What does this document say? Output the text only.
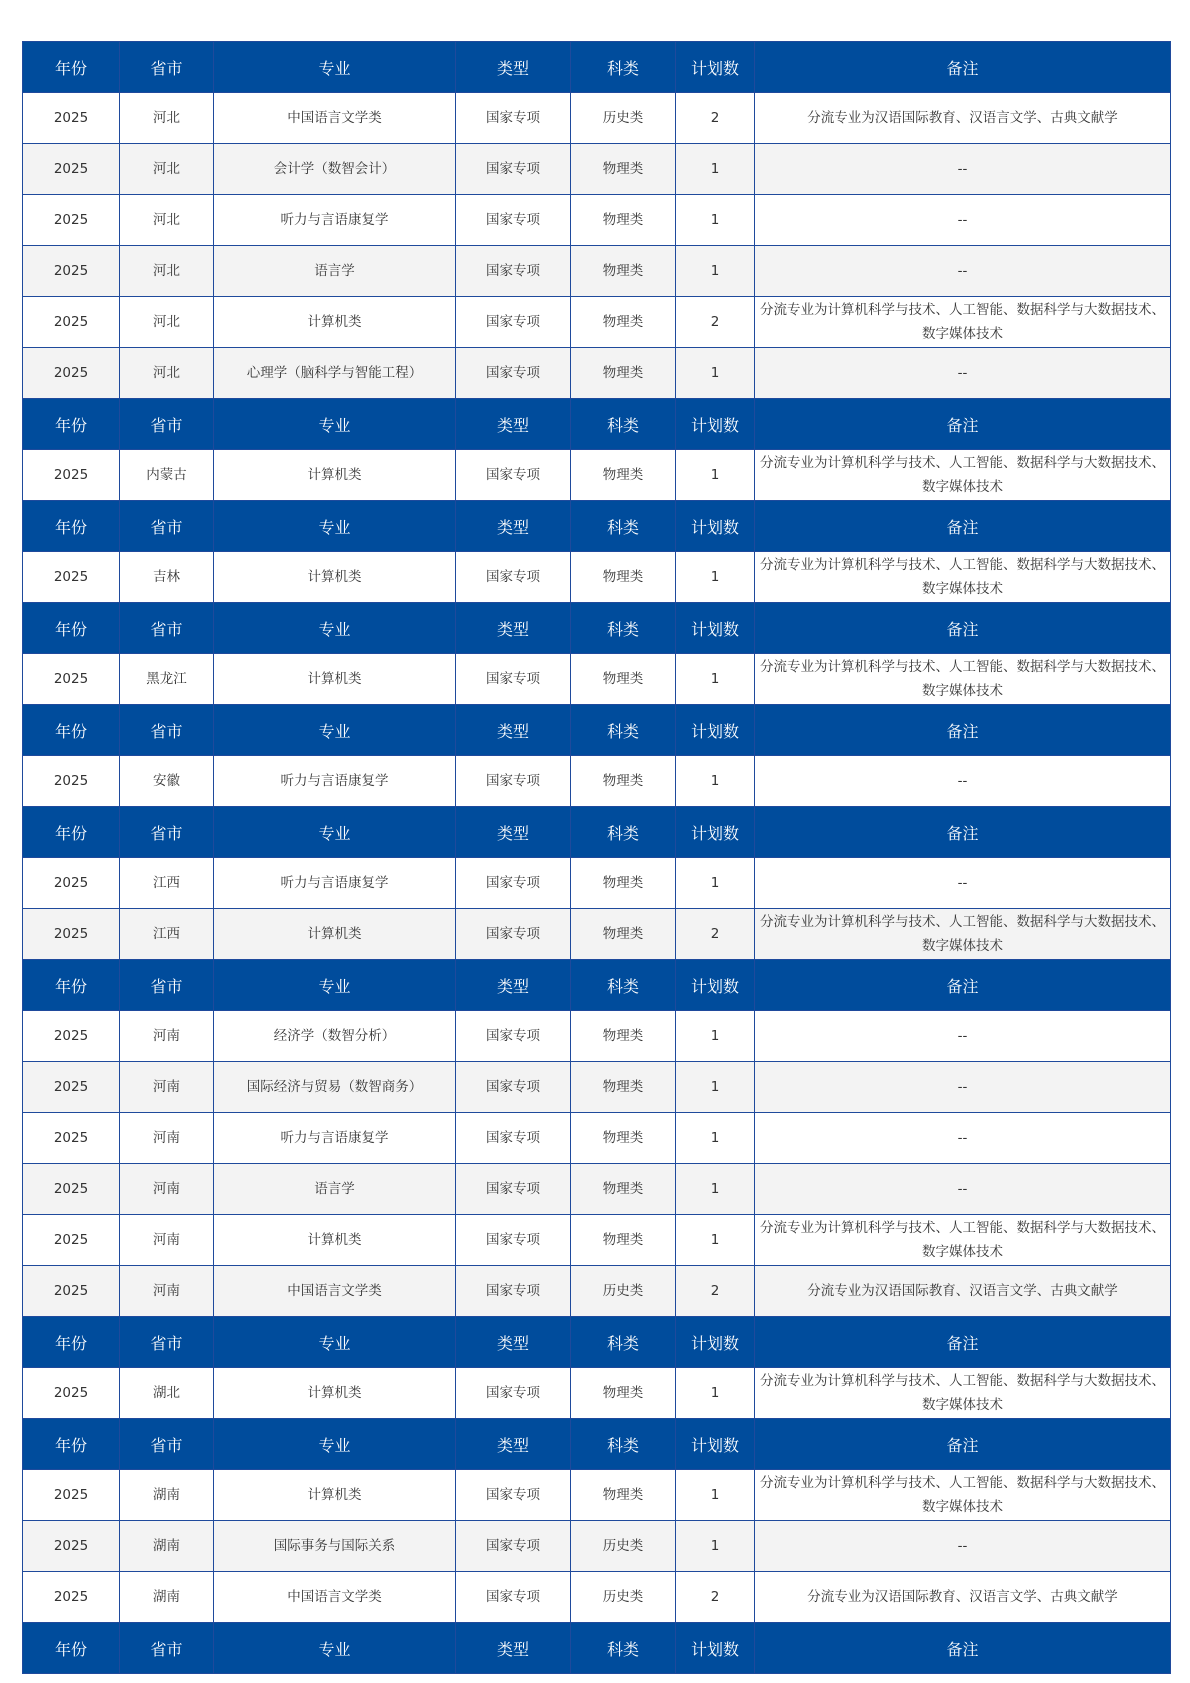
年份	省市	专业	类型	科类	计划数	备注
2025	河北	中国语言文学类	国家专项	历史类	2	分流专业为汉语国际教育、汉语言文学、古典文献学
2025	河北	会计学（数智会计）	国家专项	物理类	1	--
2025	河北	听力与言语康复学	国家专项	物理类	1	--
2025	河北	语言学	国家专项	物理类	1	--
2025	河北	计算机类	国家专项	物理类	2	分流专业为计算机科学与技术、人工智能、数据科学与大数据技术、数字媒体技术
2025	河北	心理学（脑科学与智能工程）	国家专项	物理类	1	--
年份	省市	专业	类型	科类	计划数	备注
2025	内蒙古	计算机类	国家专项	物理类	1	分流专业为计算机科学与技术、人工智能、数据科学与大数据技术、数字媒体技术
年份	省市	专业	类型	科类	计划数	备注
2025	吉林	计算机类	国家专项	物理类	1	分流专业为计算机科学与技术、人工智能、数据科学与大数据技术、数字媒体技术
年份	省市	专业	类型	科类	计划数	备注
2025	黑龙江	计算机类	国家专项	物理类	1	分流专业为计算机科学与技术、人工智能、数据科学与大数据技术、数字媒体技术
年份	省市	专业	类型	科类	计划数	备注
2025	安徽	听力与言语康复学	国家专项	物理类	1	--
年份	省市	专业	类型	科类	计划数	备注
2025	江西	听力与言语康复学	国家专项	物理类	1	--
2025	江西	计算机类	国家专项	物理类	2	分流专业为计算机科学与技术、人工智能、数据科学与大数据技术、数字媒体技术
年份	省市	专业	类型	科类	计划数	备注
2025	河南	经济学（数智分析）	国家专项	物理类	1	--
2025	河南	国际经济与贸易（数智商务）	国家专项	物理类	1	--
2025	河南	听力与言语康复学	国家专项	物理类	1	--
2025	河南	语言学	国家专项	物理类	1	--
2025	河南	计算机类	国家专项	物理类	1	分流专业为计算机科学与技术、人工智能、数据科学与大数据技术、数字媒体技术
2025	河南	中国语言文学类	国家专项	历史类	2	分流专业为汉语国际教育、汉语言文学、古典文献学
年份	省市	专业	类型	科类	计划数	备注
2025	湖北	计算机类	国家专项	物理类	1	分流专业为计算机科学与技术、人工智能、数据科学与大数据技术、数字媒体技术
年份	省市	专业	类型	科类	计划数	备注
2025	湖南	计算机类	国家专项	物理类	1	分流专业为计算机科学与技术、人工智能、数据科学与大数据技术、数字媒体技术
2025	湖南	国际事务与国际关系	国家专项	历史类	1	--
2025	湖南	中国语言文学类	国家专项	历史类	2	分流专业为汉语国际教育、汉语言文学、古典文献学
年份	省市	专业	类型	科类	计划数	备注
